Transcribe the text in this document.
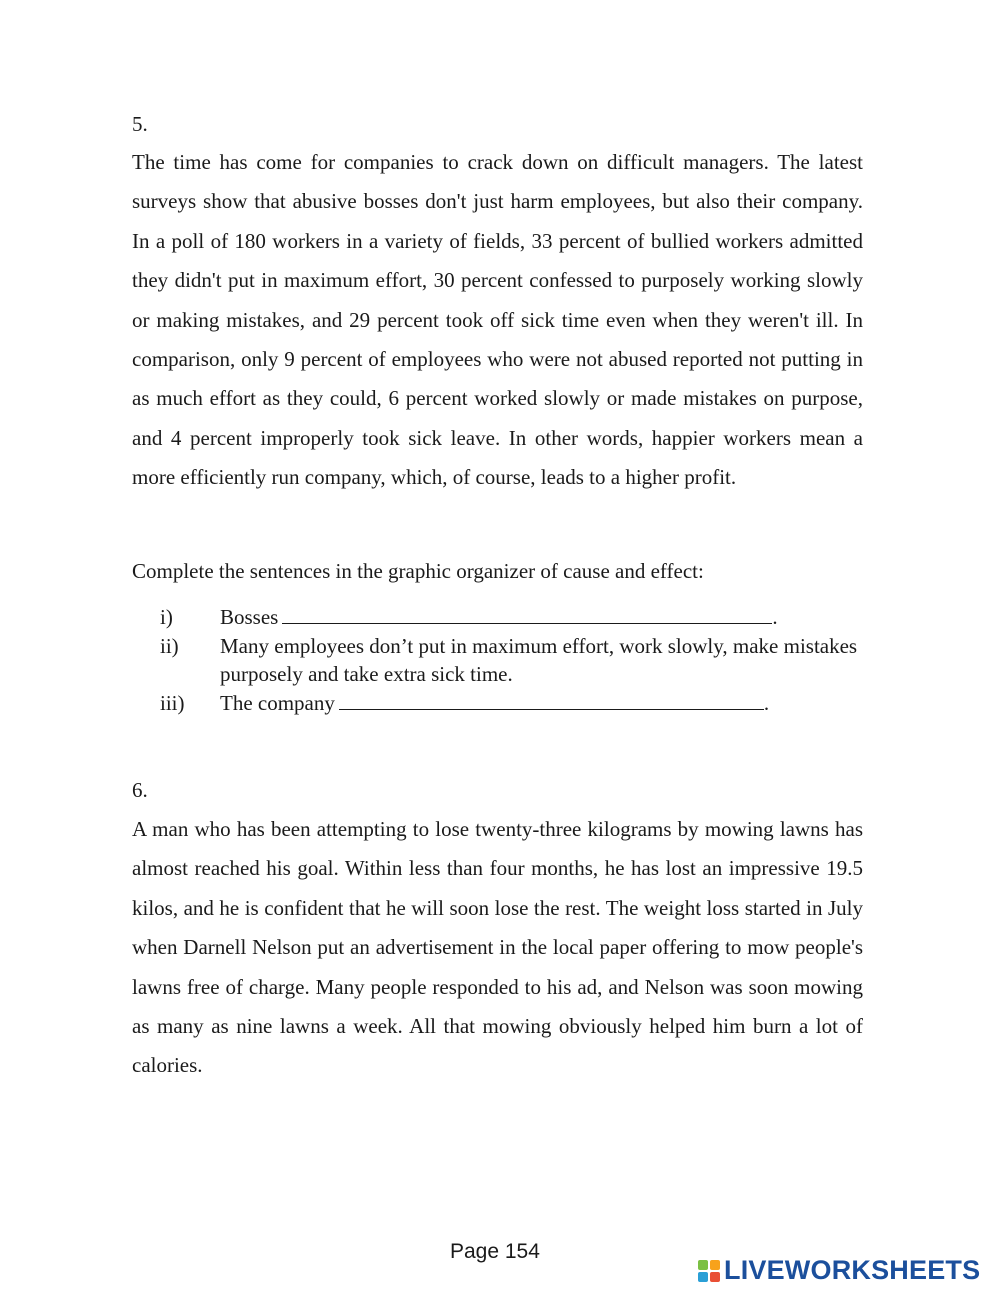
5.

The time has come for companies to crack down on difficult managers. The latest surveys show that abusive bosses don't just harm employees, but also their company. In a poll of 180 workers in a variety of fields, 33 percent of bullied workers admitted they didn't put in maximum effort, 30 percent confessed to purposely working slowly or making mistakes, and 29 percent took off sick time even when they weren't ill. In comparison, only 9 percent of employees who were not abused reported not putting in as much effort as they could, 6 percent worked slowly or made mistakes on purpose, and 4 percent improperly took sick leave. In other words, happier workers mean a more efficiently run company, which, of course, leads to a higher profit.

Complete the sentences in the graphic organizer of cause and effect:
i)	Bosses	.
ii)	Many employees don’t put in maximum effort, work slowly, make mistakes purposely and take extra sick time.
iii)	The company	.
6.

A man who has been attempting to lose twenty-three kilograms by mowing lawns has almost reached his goal. Within less than four months, he has lost an impressive 19.5 kilos, and he is confident that he will soon lose the rest. The weight loss started in July when Darnell Nelson put an advertisement in the local paper offering to mow people's lawns free of charge. Many people responded to his ad, and Nelson was soon mowing as many as nine lawns a week. All that mowing obviously helped him burn a lot of calories.

Page 154
LIVEWORKSHEETS
